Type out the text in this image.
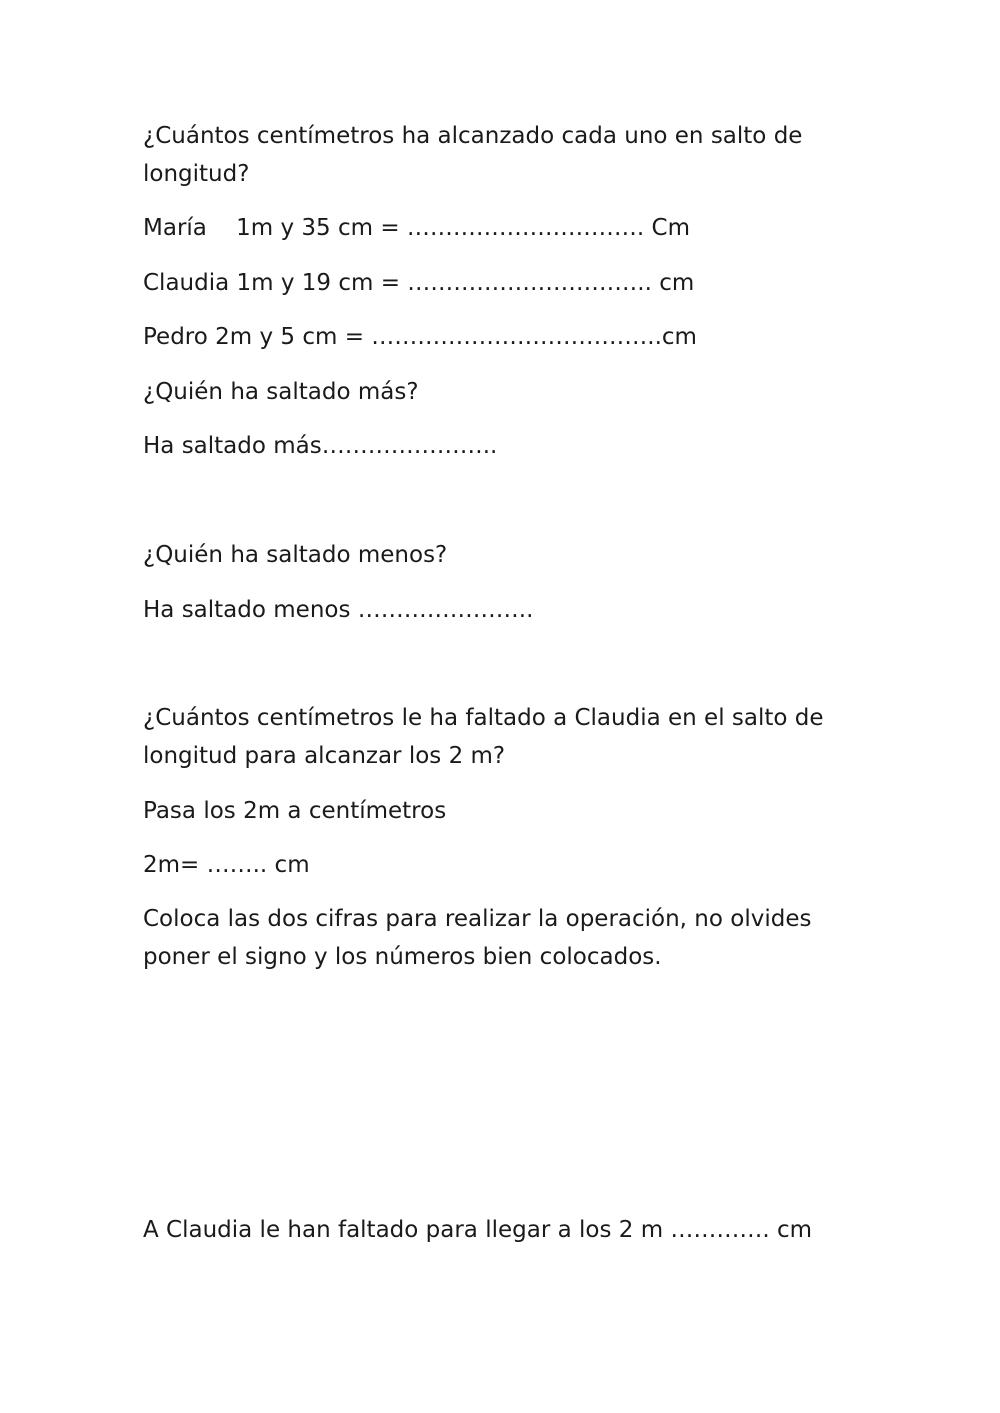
¿Cuántos centímetros ha alcanzado cada uno en salto de longitud?

María    1m y 35 cm = …………………………. Cm

Claudia 1m y 19 cm = ………………………….. cm

Pedro 2m y 5 cm = ………………………………..cm

¿Quién ha saltado más?

Ha saltado más…………………..

¿Quién ha saltado menos?

Ha saltado menos …………………..

¿Cuántos centímetros le ha faltado a Claudia en el salto de longitud para alcanzar los 2 m?

Pasa los 2m a centímetros

2m= …….. cm

Coloca las dos cifras para realizar la operación, no olvides poner el signo y los números bien colocados.

A Claudia le han faltado para llegar a los 2 m …………. cm
